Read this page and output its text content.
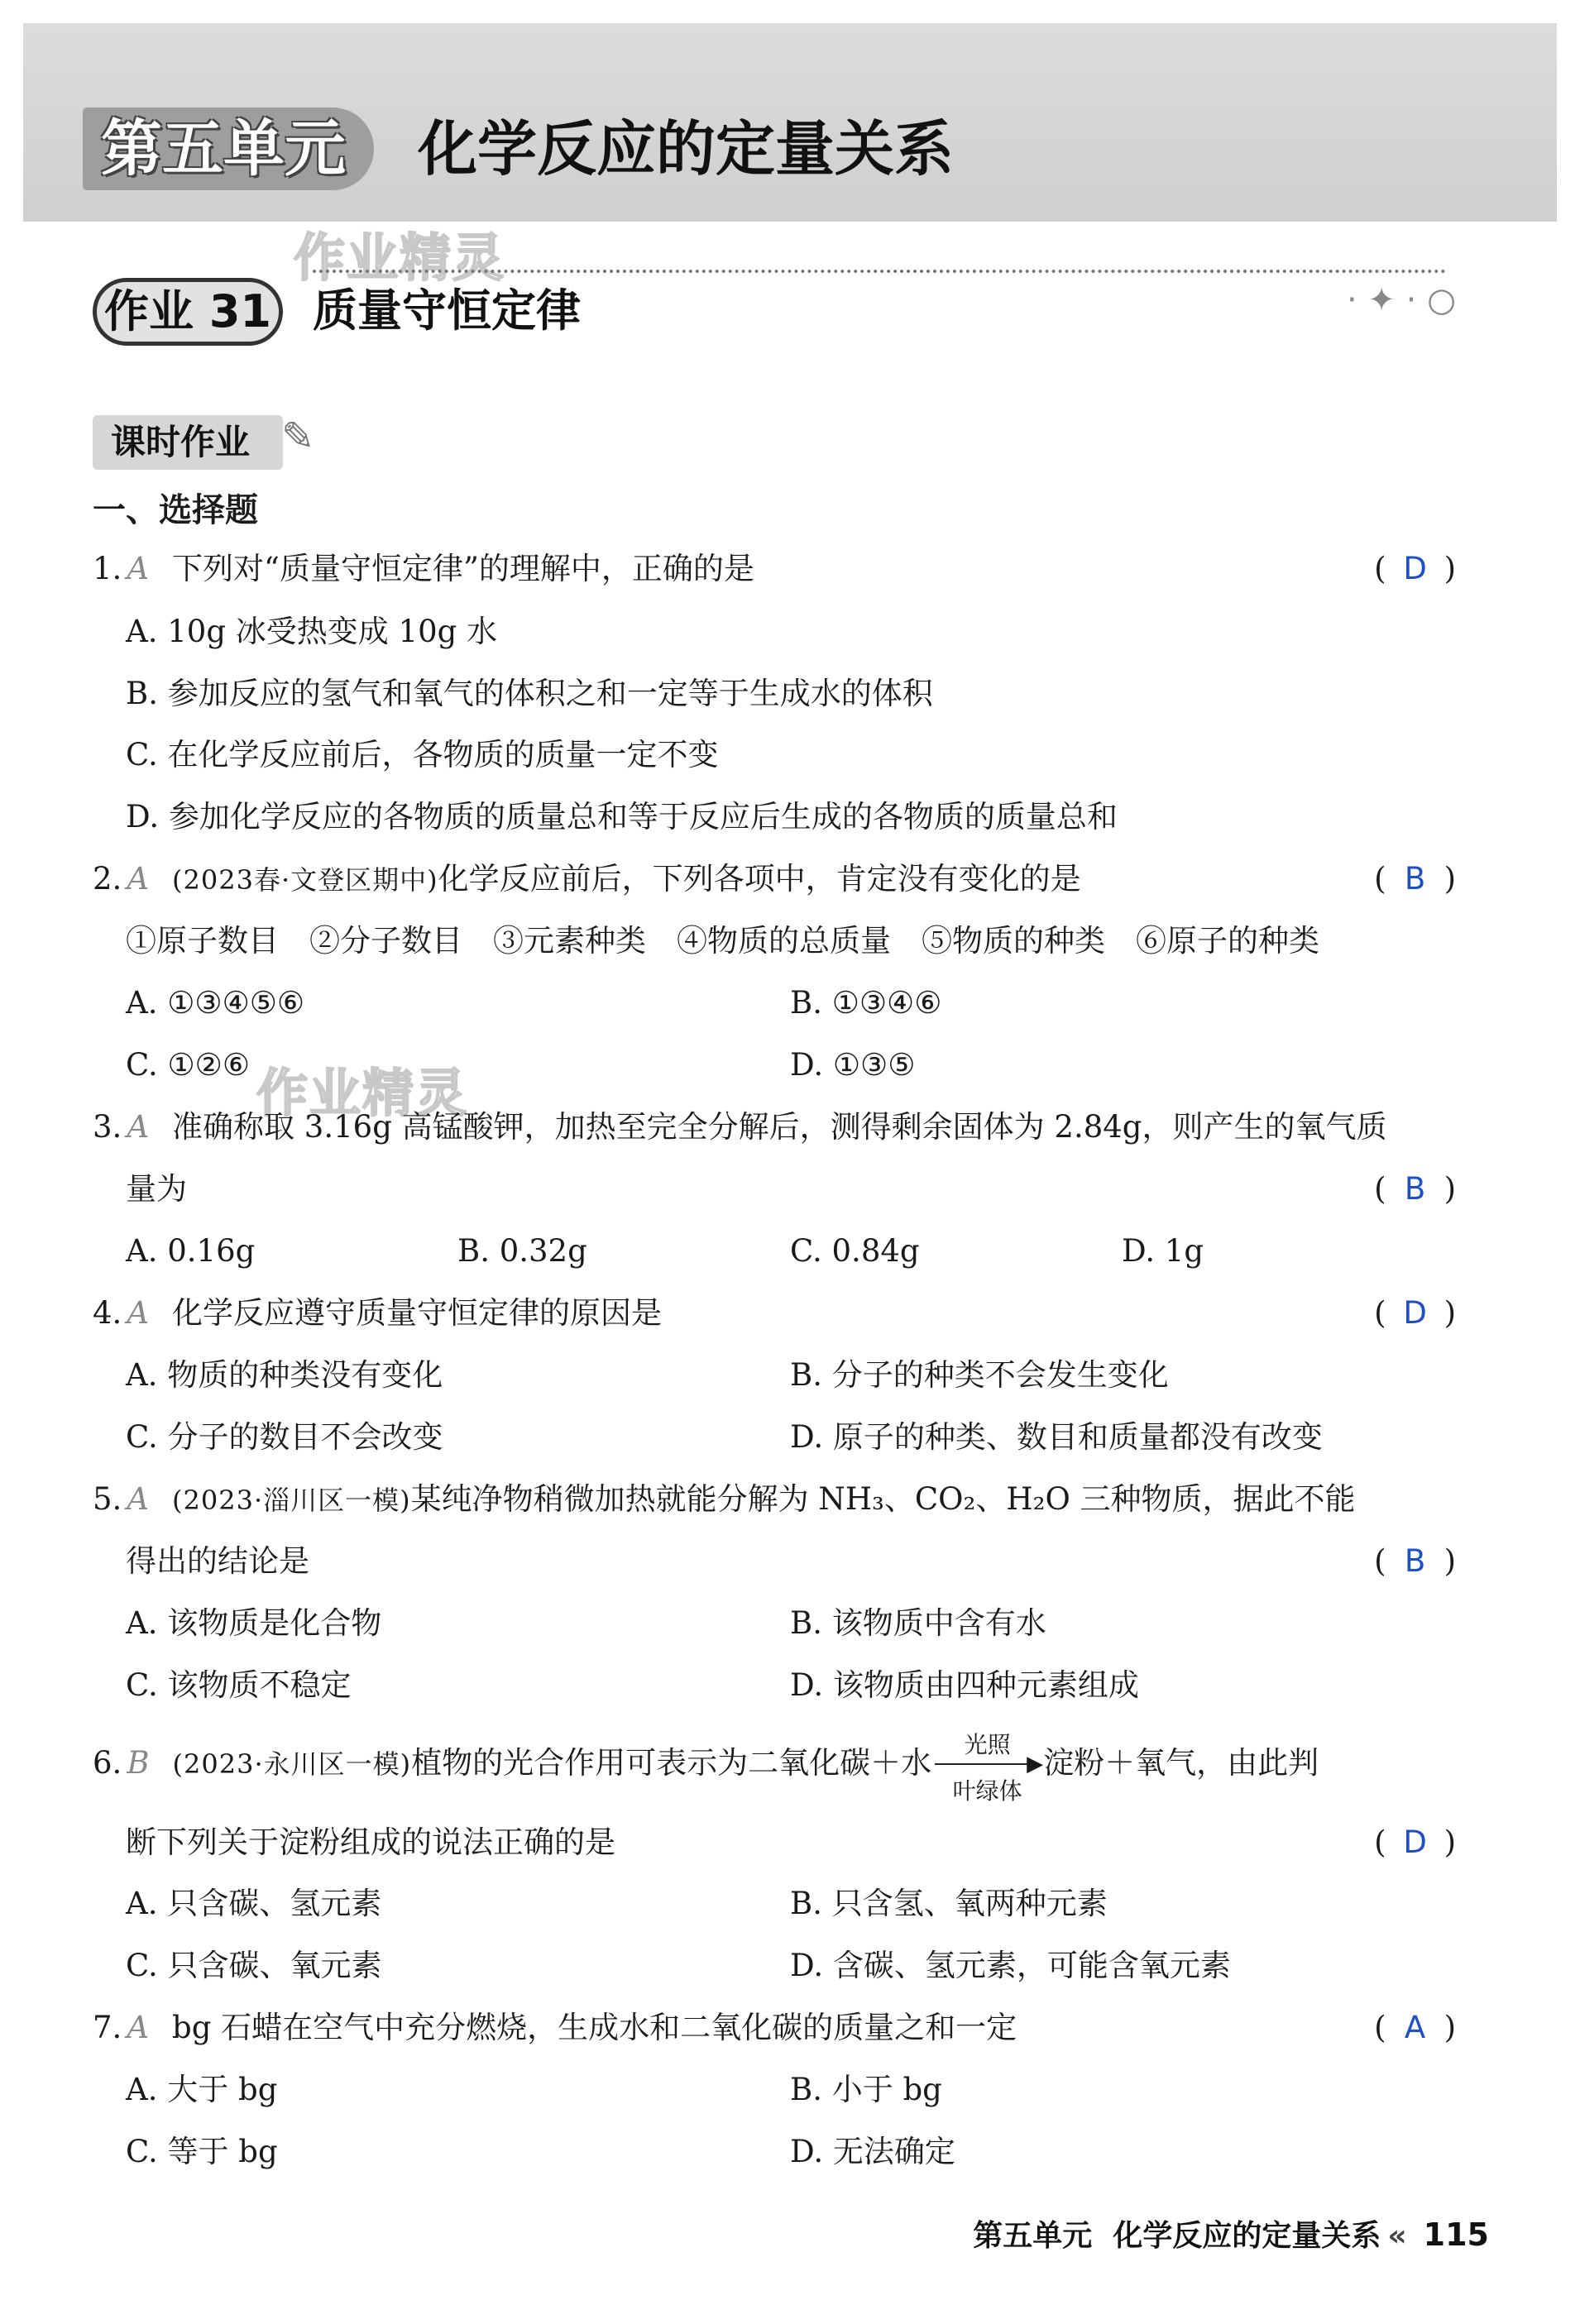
第五单元	化学反应的定量关系
作业精灵
作业精灵
作业 31 质量守恒定律	· ✦ · ○
课时作业 ✎
一、选择题
1. A 下列对“质量守恒定律”的理解中，正确的是	( D )
A. 10g 冰受热变成 10g 水
B. 参加反应的氢气和氧气的体积之和一定等于生成水的体积
C. 在化学反应前后，各物质的质量一定不变
D. 参加化学反应的各物质的质量总和等于反应后生成的各物质的质量总和
2. A (2023春·文登区期中)化学反应前后，下列各项中，肯定没有变化的是	( B )
①原子数目　②分子数目　③元素种类　④物质的总质量　⑤物质的种类　⑥原子的种类
A. ①③④⑤⑥	B. ①③④⑥
C. ①②⑥	D. ①③⑤
3. A 准确称取 3.16g 高锰酸钾，加热至完全分解后，测得剩余固体为 2.84g，则产生的氧气质
量为	( B )
A. 0.16g	B. 0.32g	C. 0.84g	D. 1g
4. A 化学反应遵守质量守恒定律的原因是	( D )
A. 物质的种类没有变化	B. 分子的种类不会发生变化
C. 分子的数目不会改变	D. 原子的种类、数目和质量都没有改变
5. A (2023·淄川区一模)某纯净物稍微加热就能分解为 NH₃、CO₂、H₂O 三种物质，据此不能
得出的结论是	( B )
A. 该物质是化合物	B. 该物质中含有水
C. 该物质不稳定	D. 该物质由四种元素组成
6. B (2023·永川区一模)植物的光合作用可表示为二氧化碳＋水
光照
▶
叶绿体
淀粉＋氧气，由此判
断下列关于淀粉组成的说法正确的是	( D )
A. 只含碳、氢元素	B. 只含氢、氧两种元素
C. 只含碳、氧元素	D. 含碳、氢元素，可能含氧元素
7. A bg 石蜡在空气中充分燃烧，生成水和二氧化碳的质量之和一定	( A )
A. 大于 bg	B. 小于 bg
C. 等于 bg	D. 无法确定
第五单元 化学反应的定量关系 « 115
